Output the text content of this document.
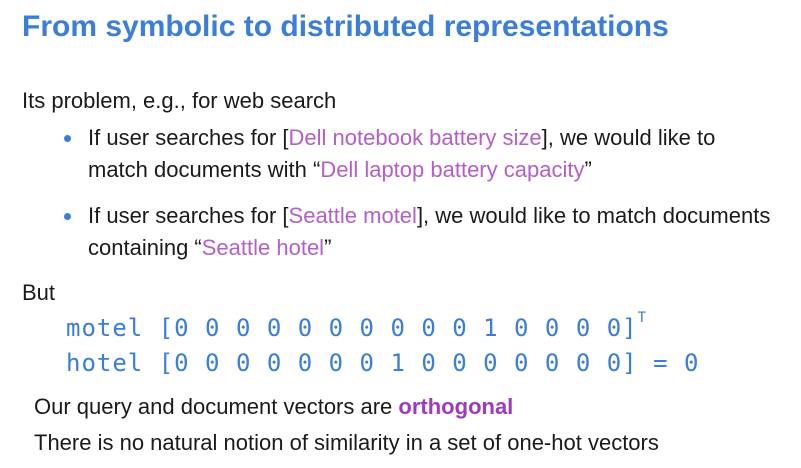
From symbolic to distributed representations
Its problem, e.g., for web search
If user searches for [Dell notebook battery size], we would like to match documents with “Dell laptop battery capacity”
If user searches for [Seattle motel], we would like to match documents containing “Seattle hotel”
But
motel [0 0 0 0 0 0 0 0 0 0 1 0 0 0 0]$^T$
hotel [0 0 0 0 0 0 0 1 0 0 0 0 0 0 0] = 0
Our query and document vectors are orthogonal
There is no natural notion of similarity in a set of one-hot vectors
